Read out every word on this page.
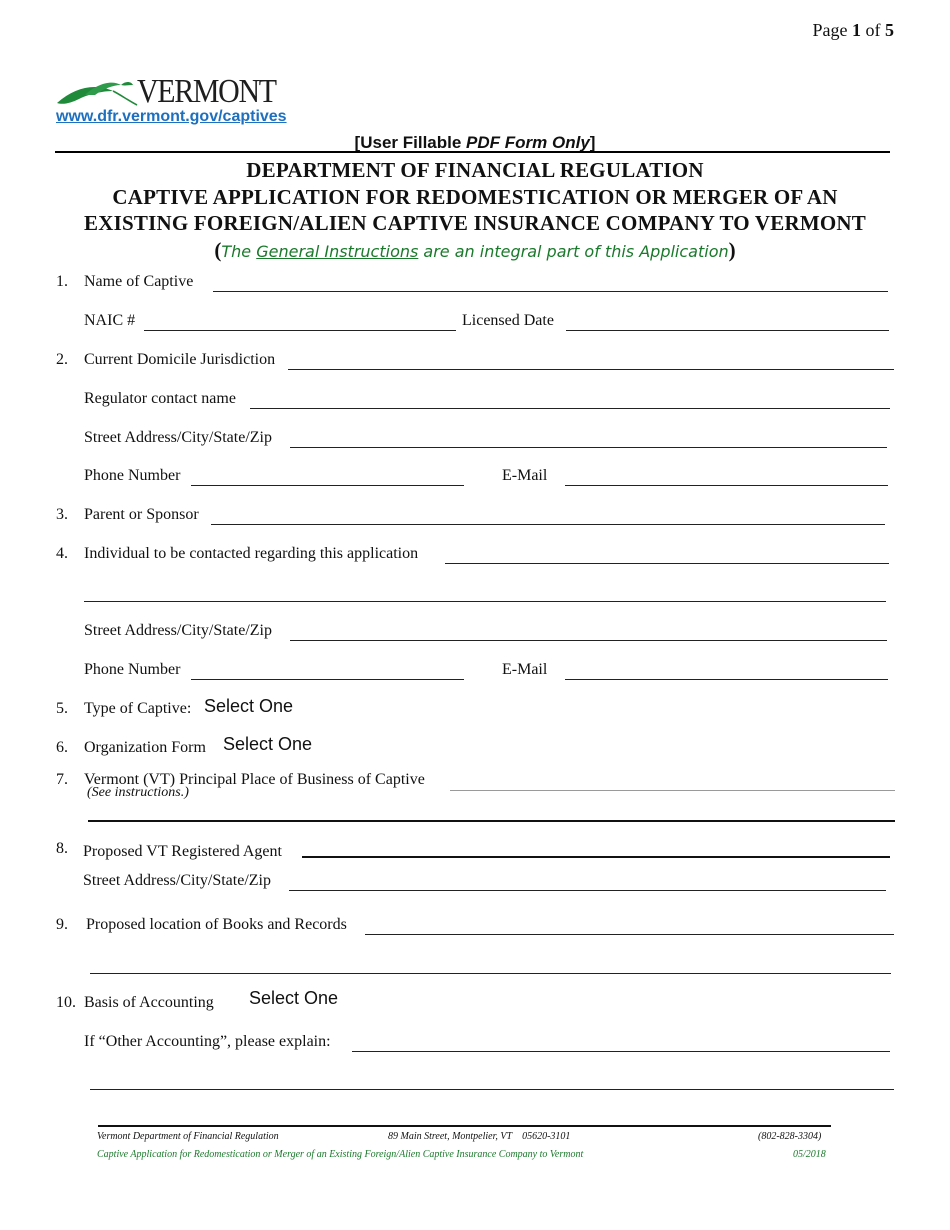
Page 1 of 5
VERMONT
www.dfr.vermont.gov/captives
[User Fillable PDF Form Only]
DEPARTMENT OF FINANCIAL REGULATION
CAPTIVE APPLICATION FOR REDOMESTICATION OR MERGER OF AN
EXISTING FOREIGN/ALIEN CAPTIVE INSURANCE COMPANY TO VERMONT
(The General Instructions are an integral part of this Application)
1. Name of Captive
NAIC #	Licensed Date
2. Current Domicile Jurisdiction
Regulator contact name
Street Address/City/State/Zip
Phone Number	E-Mail
3. Parent or Sponsor
4. Individual to be contacted regarding this application
Street Address/City/State/Zip
Phone Number	E-Mail
5. Type of Captive: Select One
6. Organization Form Select One
7. Vermont (VT) Principal Place of Business of Captive
(See instructions.)
8. Proposed VT Registered Agent
Street Address/City/State/Zip
9. Proposed location of Books and Records
10. Basis of Accounting Select One
If “Other Accounting”, please explain:
Vermont Department of Financial Regulation	89 Main Street, Montpelier, VT 05620-3101	(802-828-3304)
Captive Application for Redomestication or Merger of an Existing Foreign/Alien Captive Insurance Company to Vermont	05/2018
